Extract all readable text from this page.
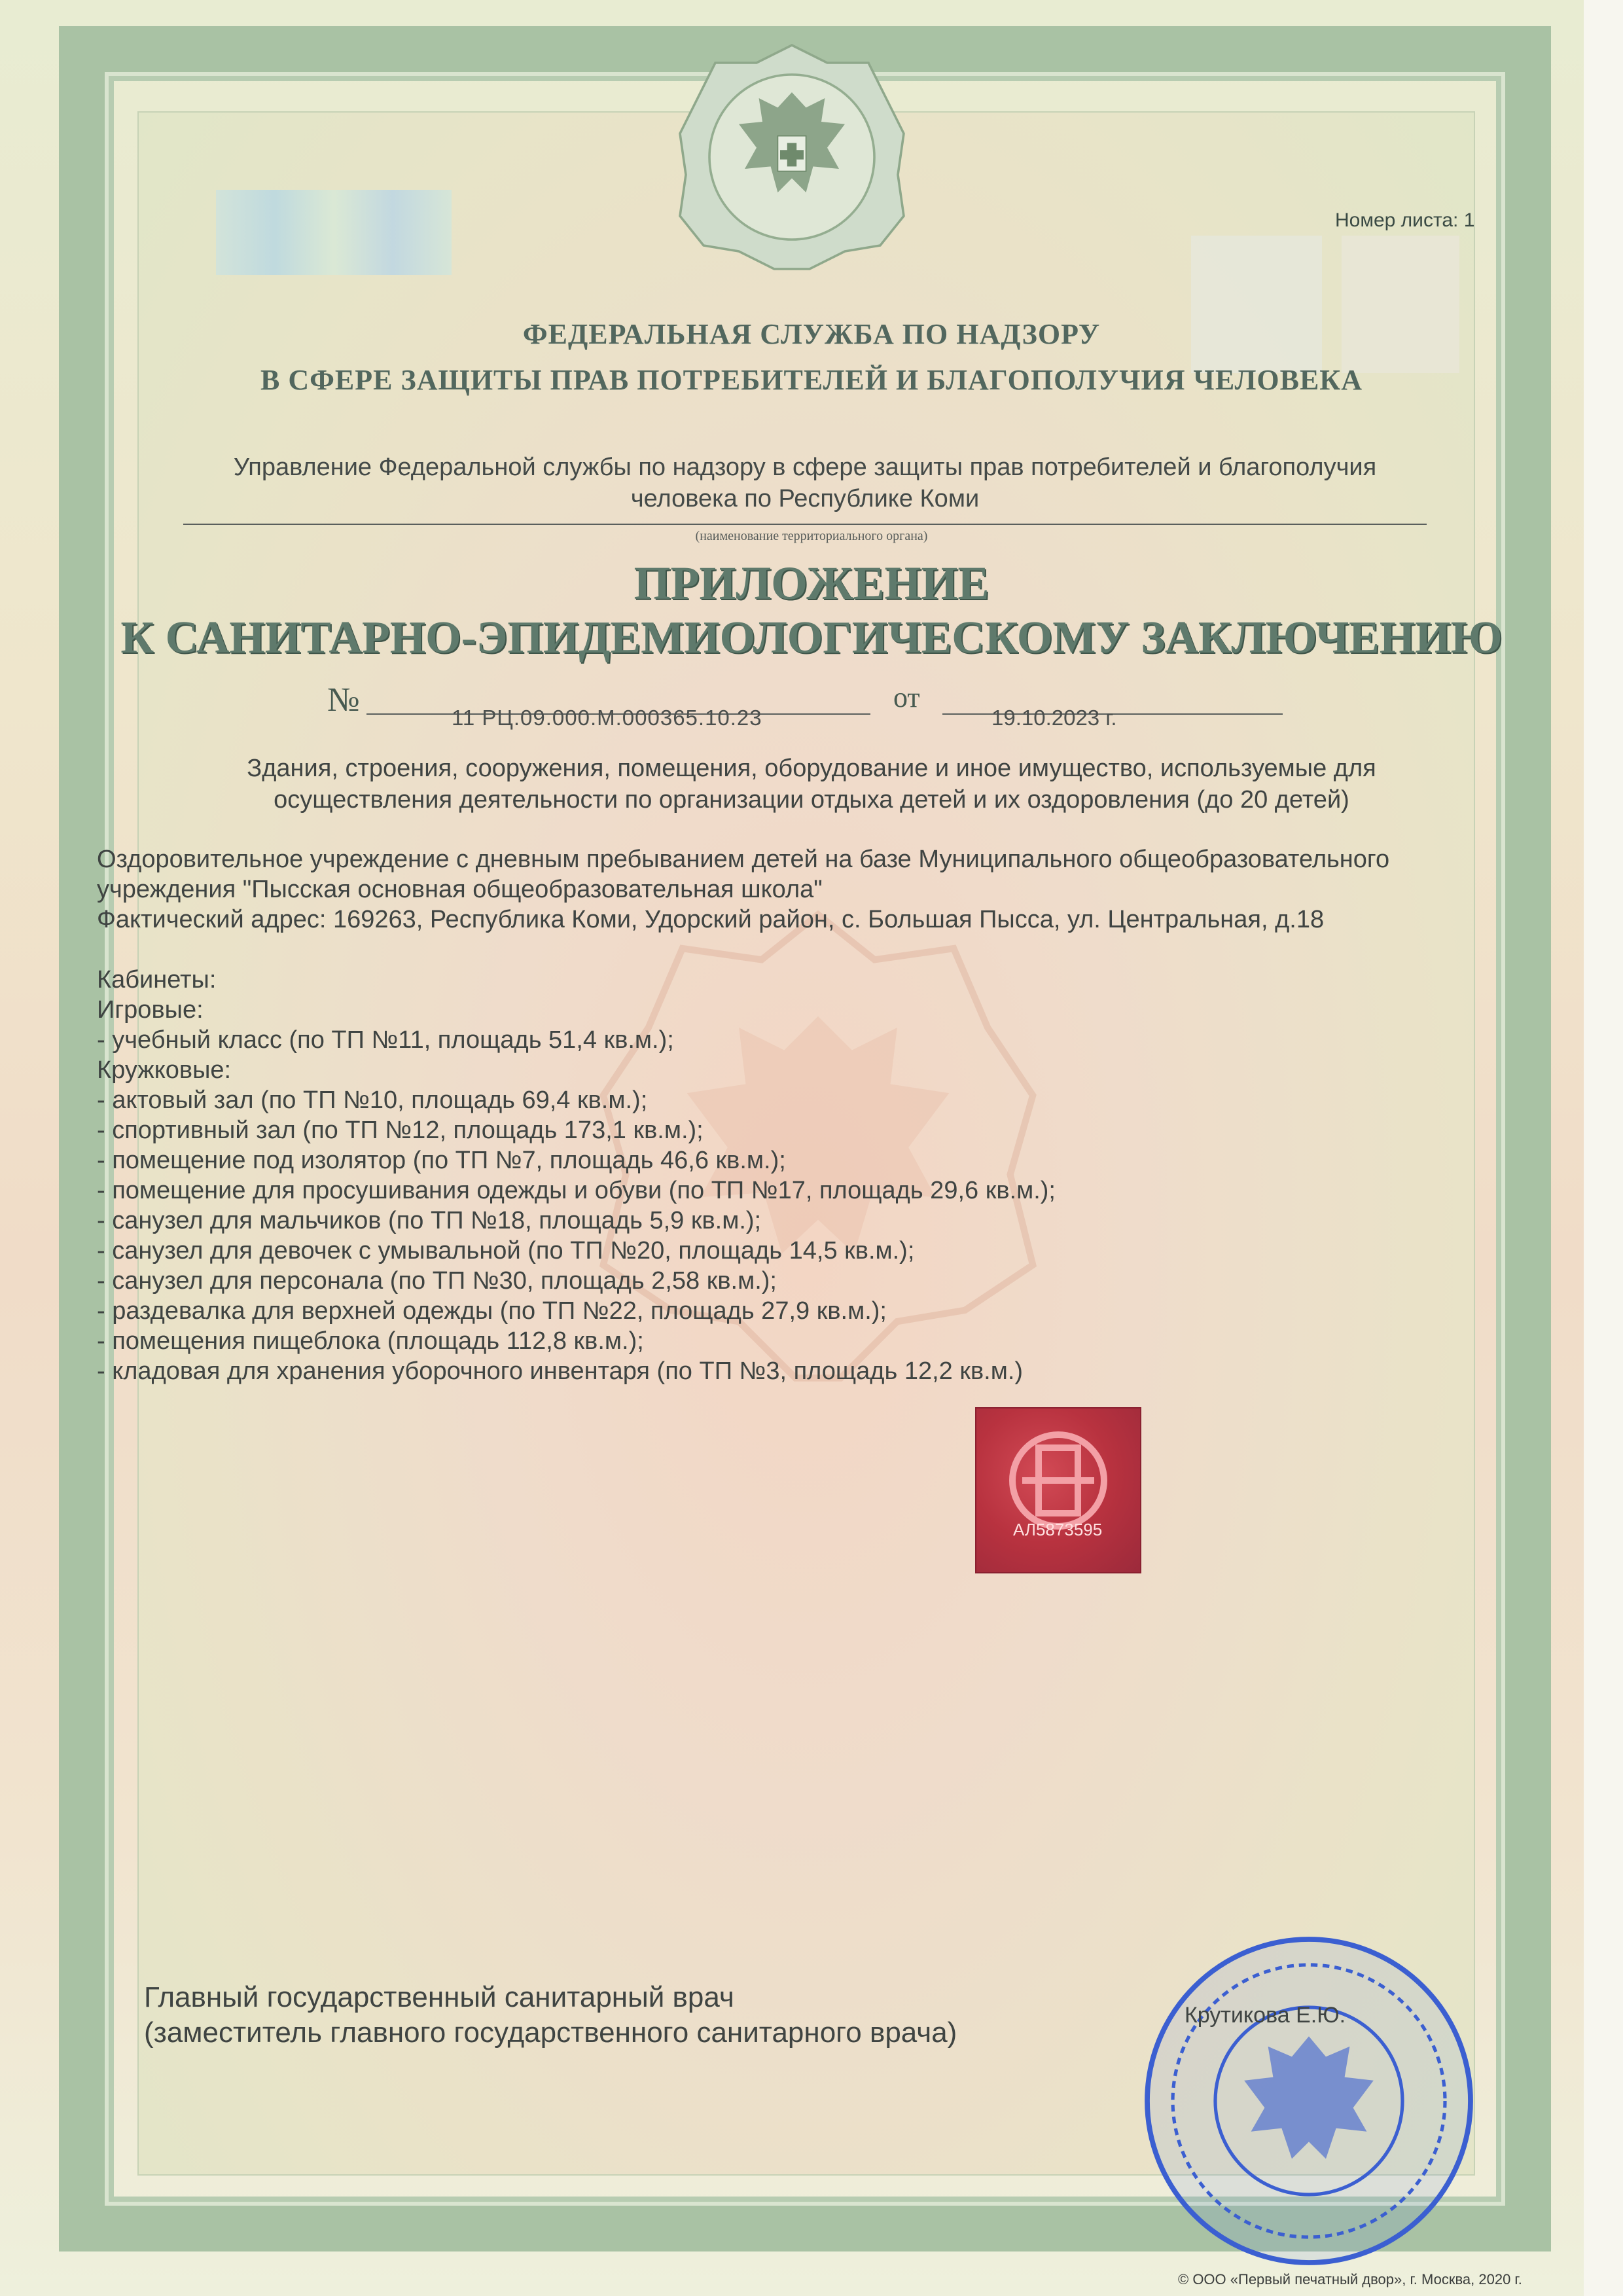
Номер листа: 1
ФЕДЕРАЛЬНАЯ СЛУЖБА ПО НАДЗОРУ
В СФЕРЕ ЗАЩИТЫ ПРАВ ПОТРЕБИТЕЛЕЙ И БЛАГОПОЛУЧИЯ ЧЕЛОВЕКА
Управление Федеральной службы по надзору в сфере защиты прав потребителей и благополучия
человека по Республике Коми
(наименование территориального органа)
ПРИЛОЖЕНИЕ
К САНИТАРНО-ЭПИДЕМИОЛОГИЧЕСКОМУ ЗАКЛЮЧЕНИЮ
№	11 РЦ.09.000.М.000365.10.23
от
19.10.2023 г.
Здания, строения, сооружения, помещения, оборудование и иное имущество, используемые для
осуществления деятельности по организации отдыха детей и их оздоровления (до 20 детей)
Оздоровительное учреждение с дневным пребыванием детей на базе Муниципального общеобразовательного
учреждения "Пысская основная общеобразовательная школа"
Фактический адрес: 169263, Республика Коми, Удорский район, с. Большая Пысса, ул. Центральная, д.18
Кабинеты:
Игровые:
- учебный класс (по ТП №11, площадь 51,4 кв.м.);
Кружковые:
- актовый зал (по ТП №10, площадь 69,4 кв.м.);
- спортивный зал (по ТП №12, площадь 173,1 кв.м.);
- помещение под изолятор (по ТП №7, площадь 46,6 кв.м.);
- помещение для просушивания одежды и обуви (по ТП №17, площадь 29,6 кв.м.);
- санузел для мальчиков (по ТП №18, площадь 5,9 кв.м.);
- санузел для девочек с умывальной (по ТП №20, площадь 14,5 кв.м.);
- санузел для персонала (по ТП №30, площадь 2,58 кв.м.);
- раздевалка для верхней одежды (по ТП №22, площадь 27,9 кв.м.);
- помещения пищеблока (площадь 112,8 кв.м.);
- кладовая для хранения уборочного инвентаря (по ТП №3, площадь 12,2 кв.м.)
АЛ5873595
Главный государственный санитарный врач
(заместитель главного государственного санитарного врача)
Крутикова Е.Ю.
© ООО «Первый печатный двор», г. Москва, 2020 г.
